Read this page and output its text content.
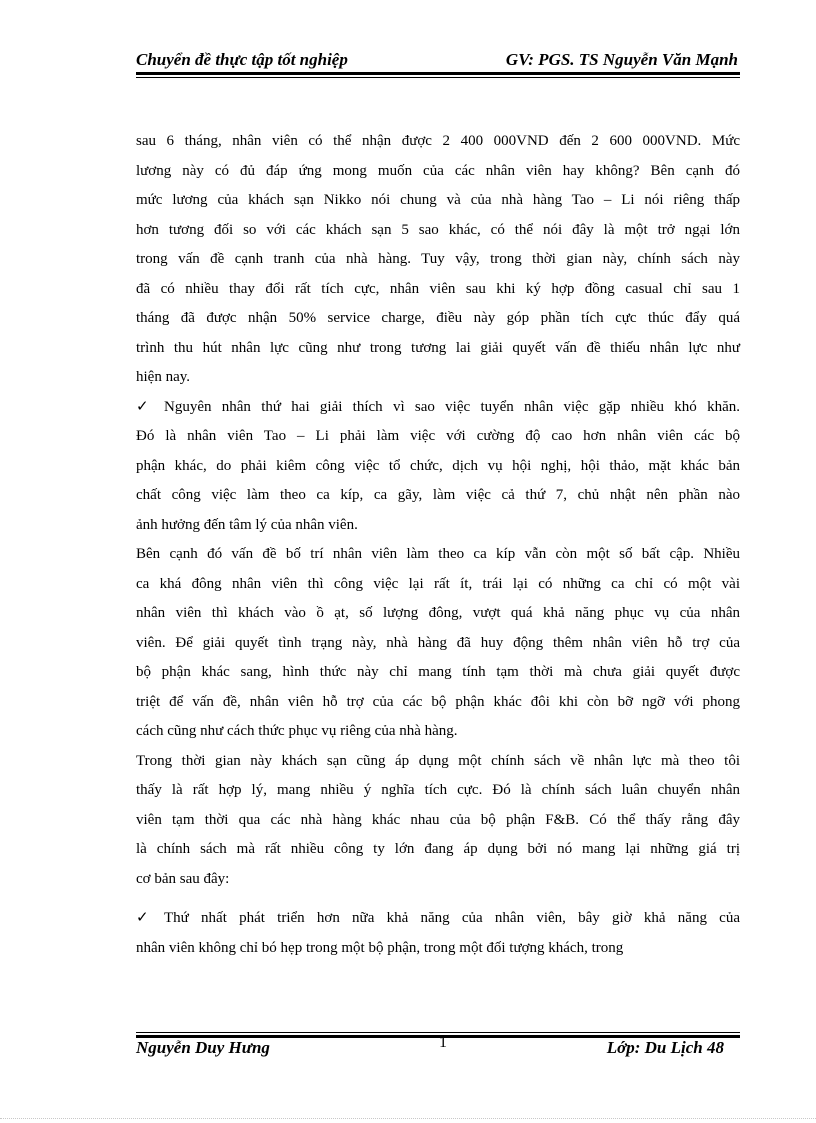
Chuyển đề thực tập tốt nghiệp	GV: PGS. TS Nguyễn Văn Mạnh
sau 6 tháng, nhân viên có thể nhận được 2 400 000VND đến 2 600 000VND. Mức
lương này có đủ đáp ứng mong muốn của các nhân viên hay không? Bên cạnh đó
mức lương của khách sạn Nikko nói chung và của nhà hàng Tao – Li nói riêng thấp
hơn tương đối so với các khách sạn 5 sao khác, có thể nói đây là một trở ngại lớn
trong vấn đề cạnh tranh của nhà hàng. Tuy vậy, trong thời gian này, chính sách này
đã có nhiều thay đổi rất tích cực, nhân viên sau khi ký hợp đồng casual chỉ sau 1
tháng đã được nhận 50% service charge, điều này góp phần tích cực thúc đẩy quá
trình thu hút nhân lực cũng như trong tương lai giải quyết vấn đề thiếu nhân lực như
hiện nay.
✓ Nguyên nhân thứ hai giải thích vì sao việc tuyển nhân việc gặp nhiều khó khăn.
Đó là nhân viên Tao – Li phải làm việc với cường độ cao hơn nhân viên các bộ
phận khác, do phải kiêm công việc tổ chức, dịch vụ hội nghị, hội thảo, mặt khác bản
chất công việc làm theo ca kíp, ca gãy, làm việc cả thứ 7, chủ nhật nên phần nào
ảnh hưởng đến tâm lý của nhân viên.
Bên cạnh đó vấn đề bố trí nhân viên làm theo ca kíp vẫn còn một số bất cập. Nhiều
ca khá đông nhân viên thì công việc lại rất ít, trái lại có những ca chỉ có một vài
nhân viên thì khách vào ồ ạt, số lượng đông, vượt quá khả năng phục vụ của nhân
viên. Để giải quyết tình trạng này, nhà hàng đã huy động thêm nhân viên hỗ trợ của
bộ phận khác sang, hình thức này chỉ mang tính tạm thời mà chưa giải quyết được
triệt để vấn đề, nhân viên hỗ trợ của các bộ phận khác đôi khi còn bỡ ngỡ với phong
cách cũng như cách thức phục vụ riêng của nhà hàng.
Trong thời gian này khách sạn cũng áp dụng một chính sách về nhân lực mà theo tôi
thấy là rất hợp lý, mang nhiều ý nghĩa tích cực. Đó là chính sách luân chuyển nhân
viên tạm thời qua các nhà hàng khác nhau của bộ phận F&B. Có thể thấy rằng đây
là chính sách mà rất nhiều công ty lớn đang áp dụng bởi nó mang lại những giá trị
cơ bản sau đây:
✓ Thứ nhất phát triển hơn nữa khả năng của nhân viên, bây giờ khả năng của
nhân viên không chỉ bó hẹp trong một bộ phận, trong một đối tượng khách, trong
Nguyễn Duy Hưng	1	Lớp: Du Lịch 48
